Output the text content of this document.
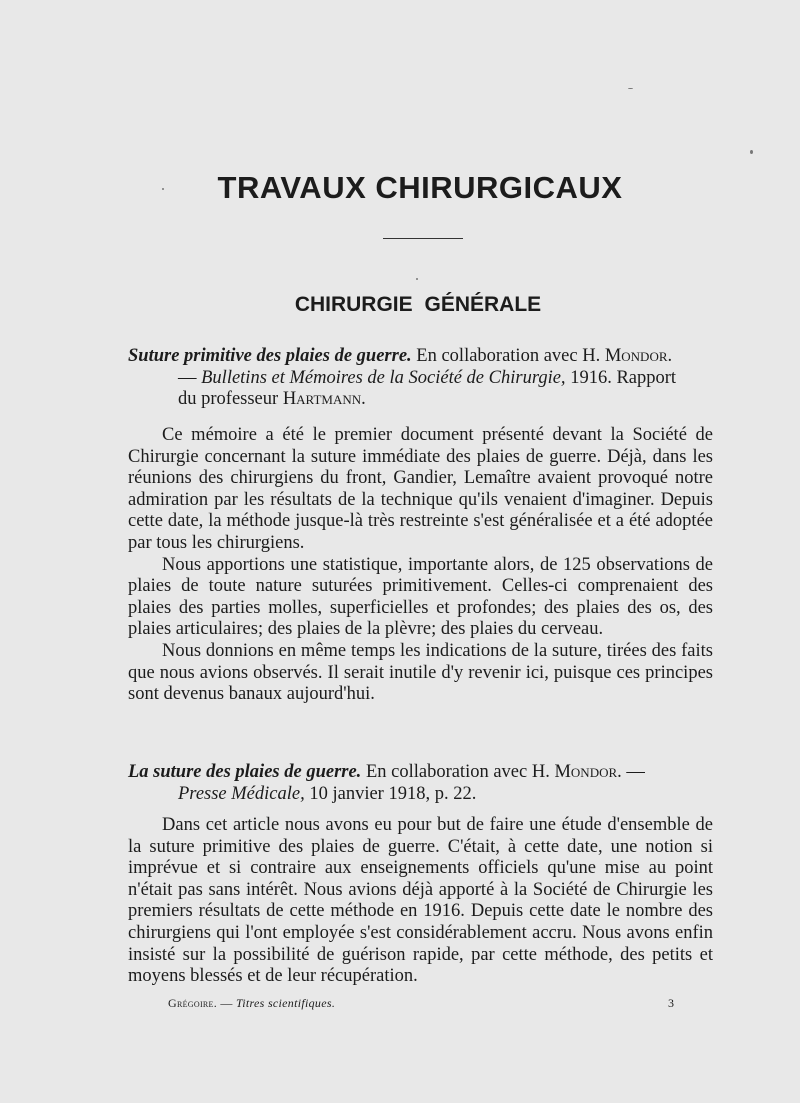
TRAVAUX CHIRURGICAUX
CHIRURGIE GÉNÉRALE
Suture primitive des plaies de guerre. En collaboration avec H. Mondor.
— Bulletins et Mémoires de la Société de Chirurgie, 1916. Rapport
du professeur Hartmann.

Ce mémoire a été le premier document présenté devant la Société de Chirurgie concernant la suture immédiate des plaies de guerre. Déjà, dans les réunions des chirurgiens du front, Gandier, Lemaître avaient provoqué notre admiration par les résultats de la technique qu'ils venaient d'imaginer. Depuis cette date, la méthode jusque-là très restreinte s'est généralisée et a été adoptée par tous les chirurgiens.

Nous apportions une statistique, importante alors, de 125 observations de plaies de toute nature suturées primitivement. Celles-ci comprenaient des plaies des parties molles, superficielles et profondes; des plaies des os, des plaies articulaires; des plaies de la plèvre; des plaies du cerveau.

Nous donnions en même temps les indications de la suture, tirées des faits que nous avions observés. Il serait inutile d'y revenir ici, puisque ces principes sont devenus banaux aujourd'hui.

La suture des plaies de guerre. En collaboration avec H. Mondor. —
Presse Médicale, 10 janvier 1918, p. 22.

Dans cet article nous avons eu pour but de faire une étude d'ensemble de la suture primitive des plaies de guerre. C'était, à cette date, une notion si imprévue et si contraire aux enseignements officiels qu'une mise au point n'était pas sans intérêt. Nous avions déjà apporté à la Société de Chirurgie les premiers résultats de cette méthode en 1916. Depuis cette date le nombre des chirurgiens qui l'ont employée s'est considérablement accru. Nous avons enfin insisté sur la possibilité de guérison rapide, par cette méthode, des petits et moyens blessés et de leur récupération.

Grégoire. — Titres scientifiques.	3
